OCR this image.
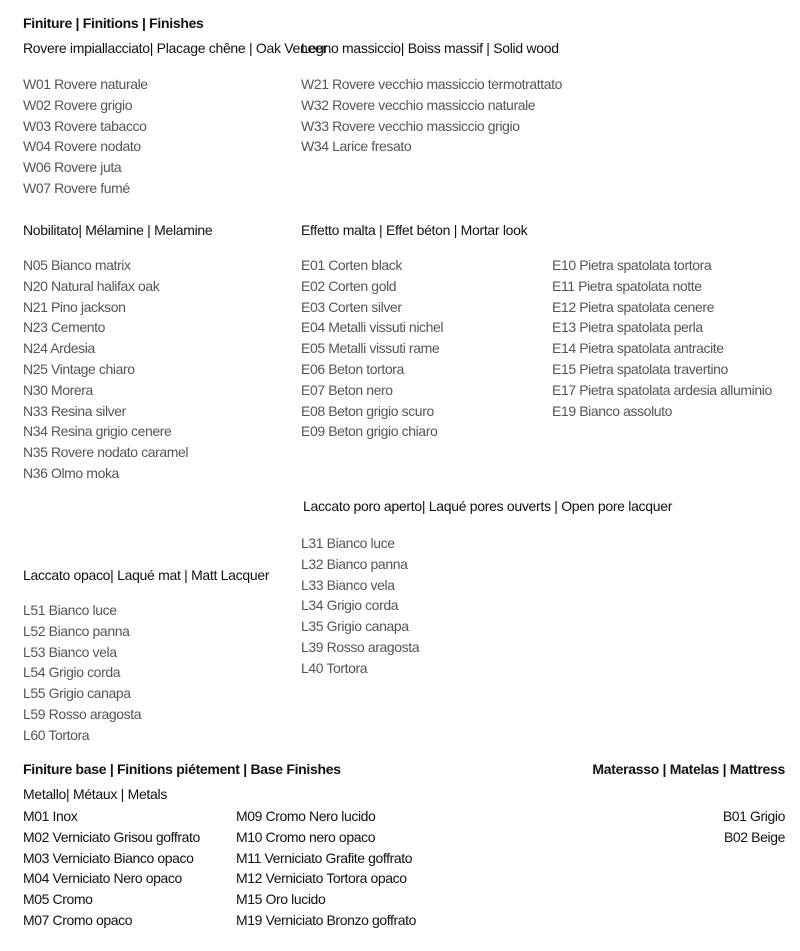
Finiture | Finitions | Finishes
Rovere impiallacciato| Placage chêne | Oak Veneer
W01 Rovere naturale
W02 Rovere grigio
W03 Rovere tabacco
W04 Rovere nodato
W06 Rovere juta
W07 Rovere fumé
Legno massiccio| Boiss massif | Solid wood
W21 Rovere vecchio massiccio termotrattato
W32 Rovere vecchio massiccio naturale
W33 Rovere vecchio massiccio grigio
W34 Larice fresato
Nobilitato| Mélamine | Melamine
N05 Bianco matrix
N20 Natural halifax oak
N21 Pino jackson
N23 Cemento
N24 Ardesia
N25 Vintage chiaro
N30 Morera
N33 Resina silver
N34 Resina grigio cenere
N35 Rovere nodato caramel
N36 Olmo moka
Effetto malta | Effet béton | Mortar look
E01 Corten black
E02 Corten gold
E03 Corten silver
E04 Metalli vissuti nichel
E05 Metalli vissuti rame
E06 Beton tortora
E07 Beton nero
E08 Beton grigio scuro
E09 Beton grigio chiaro
E10 Pietra spatolata tortora
E11 Pietra spatolata notte
E12 Pietra spatolata cenere
E13 Pietra spatolata perla
E14 Pietra spatolata antracite
E15 Pietra spatolata travertino
E17 Pietra spatolata ardesia alluminio
E19 Bianco assoluto
Laccato poro aperto| Laqué pores ouverts | Open pore lacquer
L31 Bianco luce
L32 Bianco panna
L33 Bianco vela
L34 Grigio corda
L35 Grigio canapa
L39 Rosso aragosta
L40 Tortora
Laccato opaco| Laqué mat | Matt Lacquer
L51 Bianco luce
L52 Bianco panna
L53 Bianco vela
L54 Grigio corda
L55 Grigio canapa
L59 Rosso aragosta
L60 Tortora
Finiture base | Finitions piétement | Base Finishes
Metallo| Métaux | Metals
M01 Inox
M02 Verniciato Grisou goffrato
M03 Verniciato Bianco opaco
M04 Verniciato Nero opaco
M05 Cromo
M07 Cromo opaco
M09 Cromo Nero lucido
M10 Cromo nero opaco
M11 Verniciato Grafite goffrato
M12 Verniciato Tortora opaco
M15 Oro lucido
M19 Verniciato Bronzo goffrato
Materasso | Matelas | Mattress
B01 Grigio
B02 Beige
